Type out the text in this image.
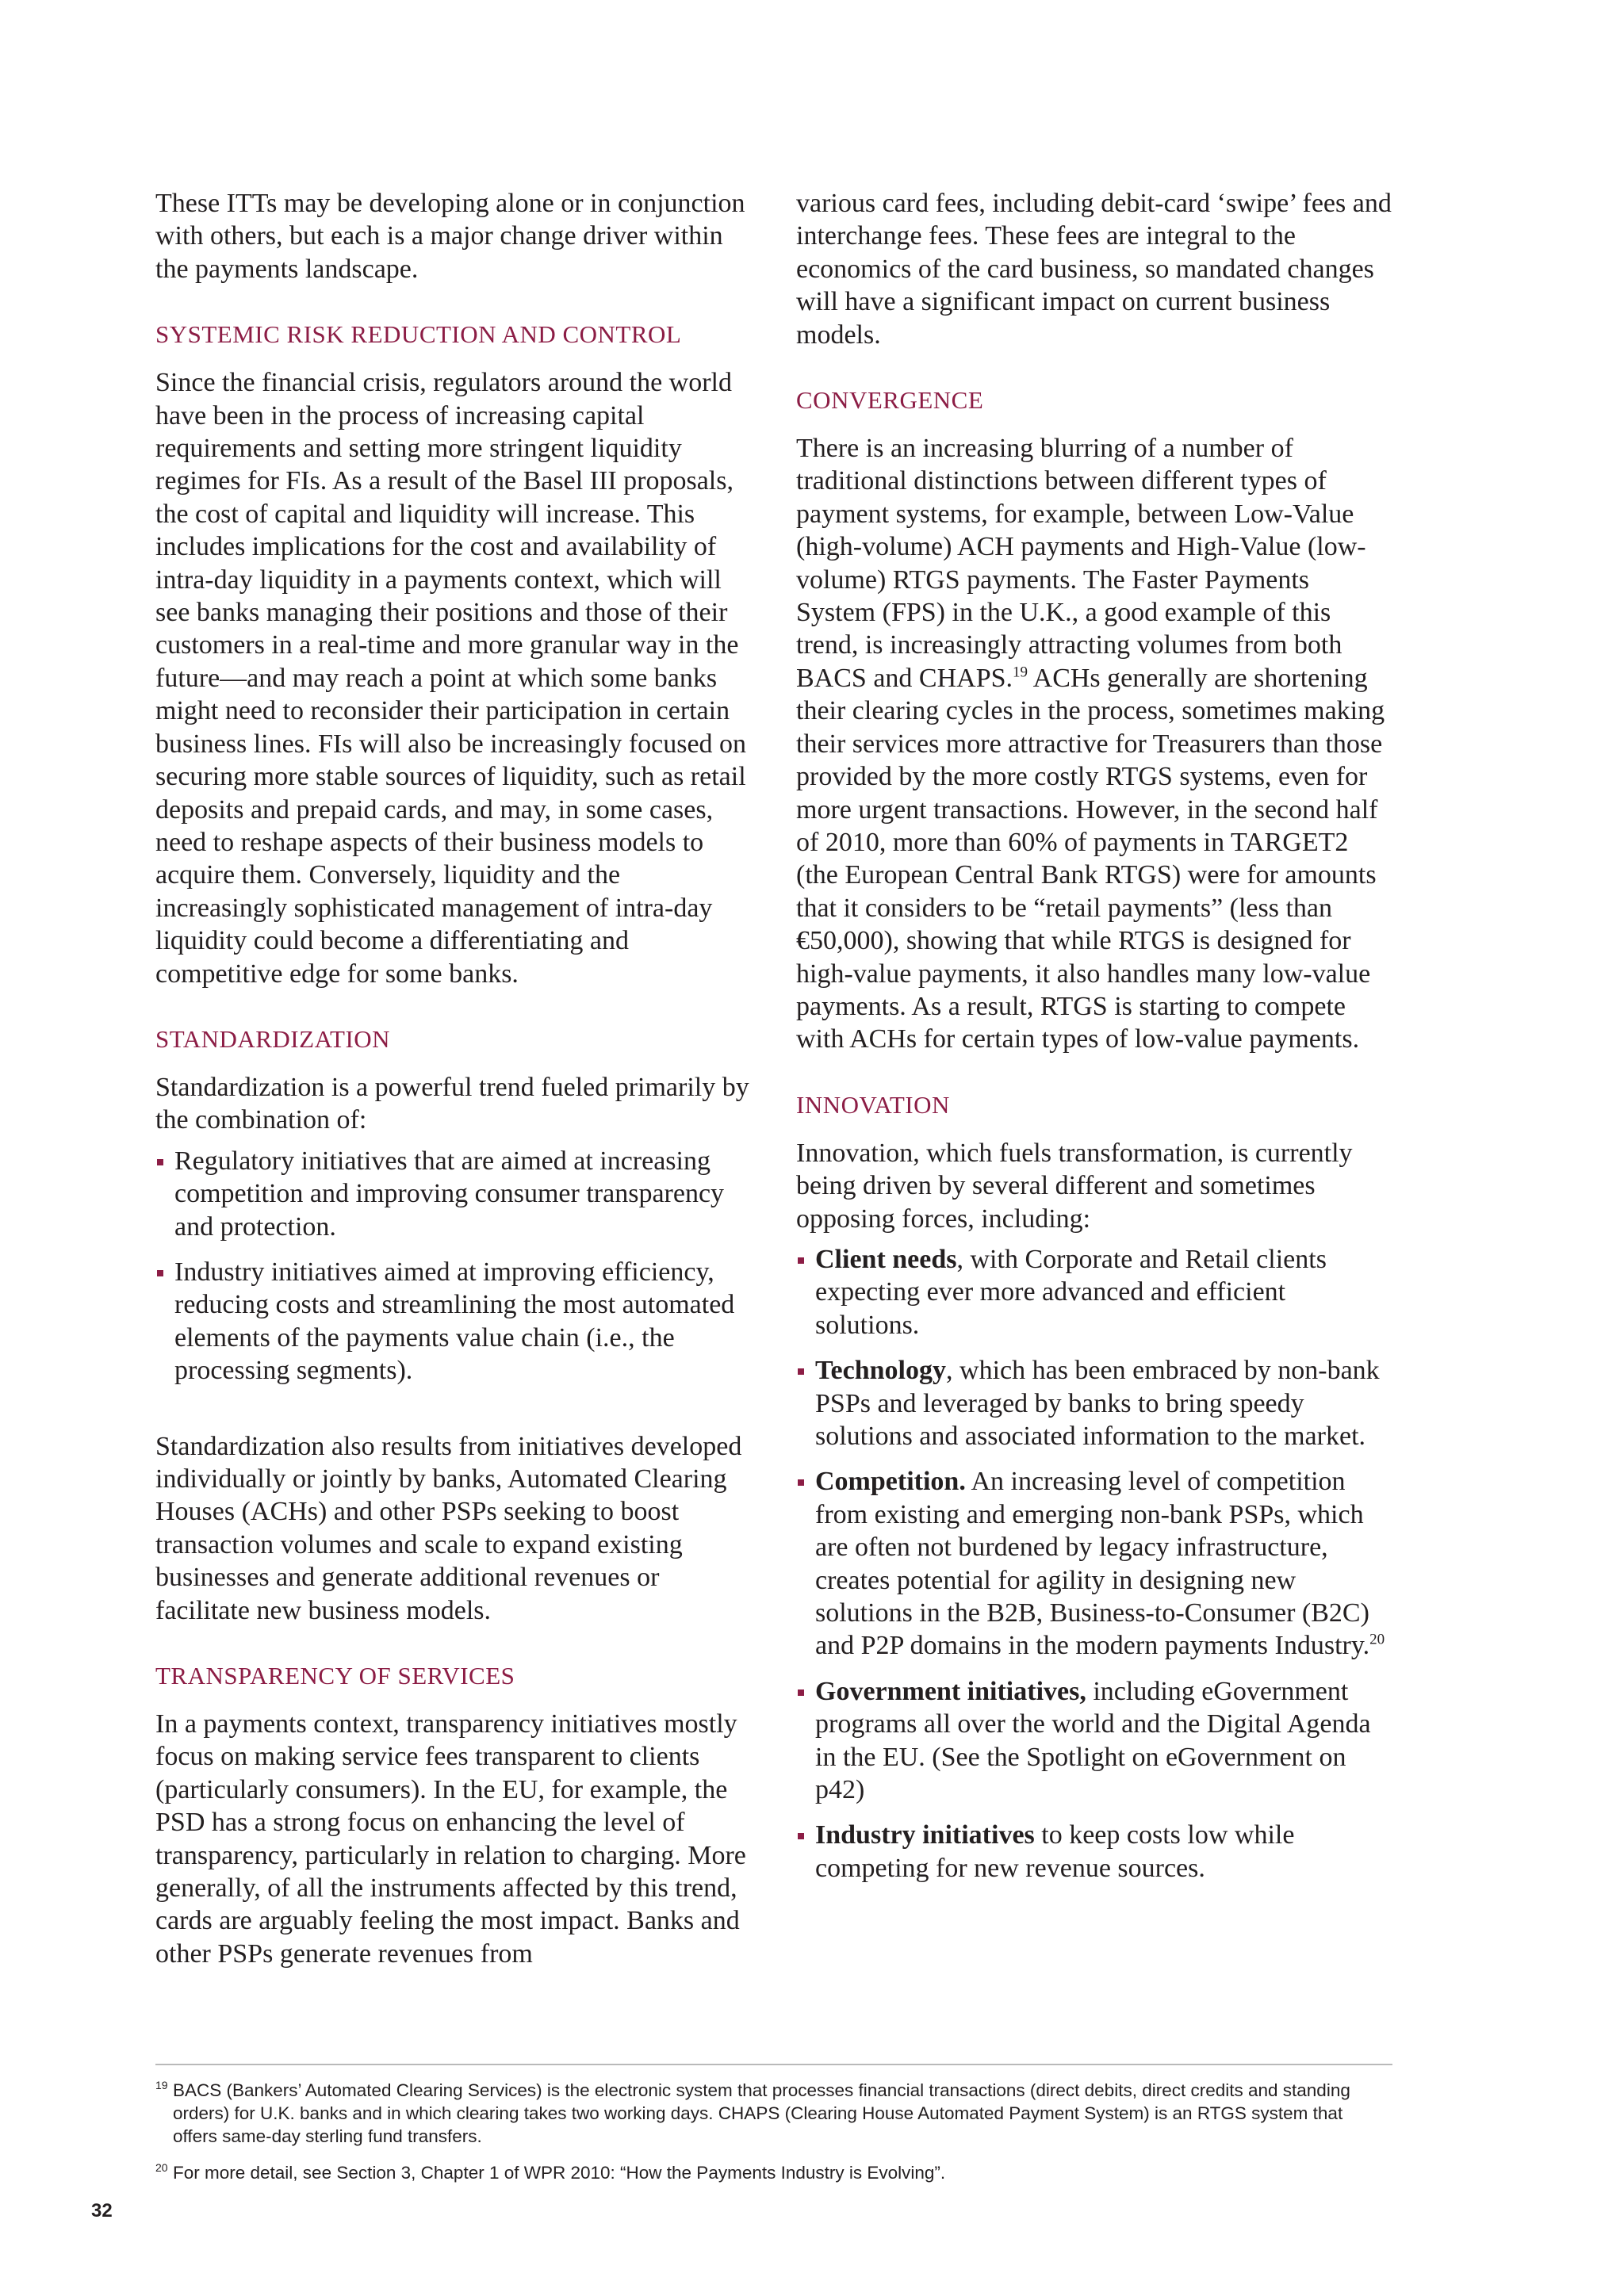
These ITTs may be developing alone or in conjunction with others, but each is a major change driver within the payments landscape.

SYSTEMIC RISK REDUCTION AND CONTROL

Since the financial crisis, regulators around the world have been in the process of increasing capital requirements and setting more stringent liquidity regimes for FIs. As a result of the Basel III proposals, the cost of capital and liquidity will increase. This includes implications for the cost and availability of intra-day liquidity in a payments context, which will see banks managing their positions and those of their customers in a real-time and more granular way in the future—and may reach a point at which some banks might need to reconsider their participation in certain business lines. FIs will also be increasingly focused on securing more stable sources of liquidity, such as retail deposits and prepaid cards, and may, in some cases, need to reshape aspects of their business models to acquire them. Conversely, liquidity and the increasingly sophisticated management of intra-day liquidity could become a differentiating and competitive edge for some banks.

STANDARDIZATION

Standardization is a powerful trend fueled primarily by the combination of:

Regulatory initiatives that are aimed at increasing competition and improving consumer transparency and protection.
Industry initiatives aimed at improving efficiency, reducing costs and streamlining the most automated elements of the payments value chain (i.e., the processing segments).

Standardization also results from initiatives developed individually or jointly by banks, Automated Clearing Houses (ACHs) and other PSPs seeking to boost transaction volumes and scale to expand existing businesses and generate additional revenues or facilitate new business models.

TRANSPARENCY OF SERVICES

In a payments context, transparency initiatives mostly focus on making service fees transparent to clients (particularly consumers). In the EU, for example, the PSD has a strong focus on enhancing the level of transparency, particularly in relation to charging. More generally, of all the instruments affected by this trend, cards are arguably feeling the most impact. Banks and other PSPs generate revenues from

various card fees, including debit-card ‘swipe’ fees and interchange fees. These fees are integral to the economics of the card business, so mandated changes will have a significant impact on current business models.

CONVERGENCE

There is an increasing blurring of a number of traditional distinctions between different types of payment systems, for example, between Low-Value (high-volume) ACH payments and High-Value (low-volume) RTGS payments. The Faster Payments System (FPS) in the U.K., a good example of this trend, is increasingly attracting volumes from both BACS and CHAPS.$^{19}$ ACHs generally are shortening their clearing cycles in the process, sometimes making their services more attractive for Treasurers than those provided by the more costly RTGS systems, even for more urgent transactions. However, in the second half of 2010, more than 60% of payments in TARGET2 (the European Central Bank RTGS) were for amounts that it considers to be “retail payments” (less than €50,000), showing that while RTGS is designed for high-value payments, it also handles many low-value payments. As a result, RTGS is starting to compete with ACHs for certain types of low-value payments.

INNOVATION

Innovation, which fuels transformation, is currently being driven by several different and sometimes opposing forces, including:

Client needs, with Corporate and Retail clients expecting ever more advanced and efficient solutions.
Technology, which has been embraced by non-bank PSPs and leveraged by banks to bring speedy solutions and associated information to the market.
Competition. An increasing level of competition from existing and emerging non-bank PSPs, which are often not burdened by legacy infrastructure, creates potential for agility in designing new solutions in the B2B, Business-to-Consumer (B2C) and P2P domains in the modern payments Industry.$^{20}$
Government initiatives, including eGovernment programs all over the world and the Digital Agenda in the EU. (See the Spotlight on eGovernment on p42)
Industry initiatives to keep costs low while competing for new revenue sources.
19 BACS (Bankers’ Automated Clearing Services) is the electronic system that processes financial transactions (direct debits, direct credits and standing orders) for U.K. banks and in which clearing takes two working days. CHAPS (Clearing House Automated Payment System) is an RTGS system that offers same-day sterling fund transfers.
20 For more detail, see Section 3, Chapter 1 of WPR 2010: “How the Payments Industry is Evolving”.
32
